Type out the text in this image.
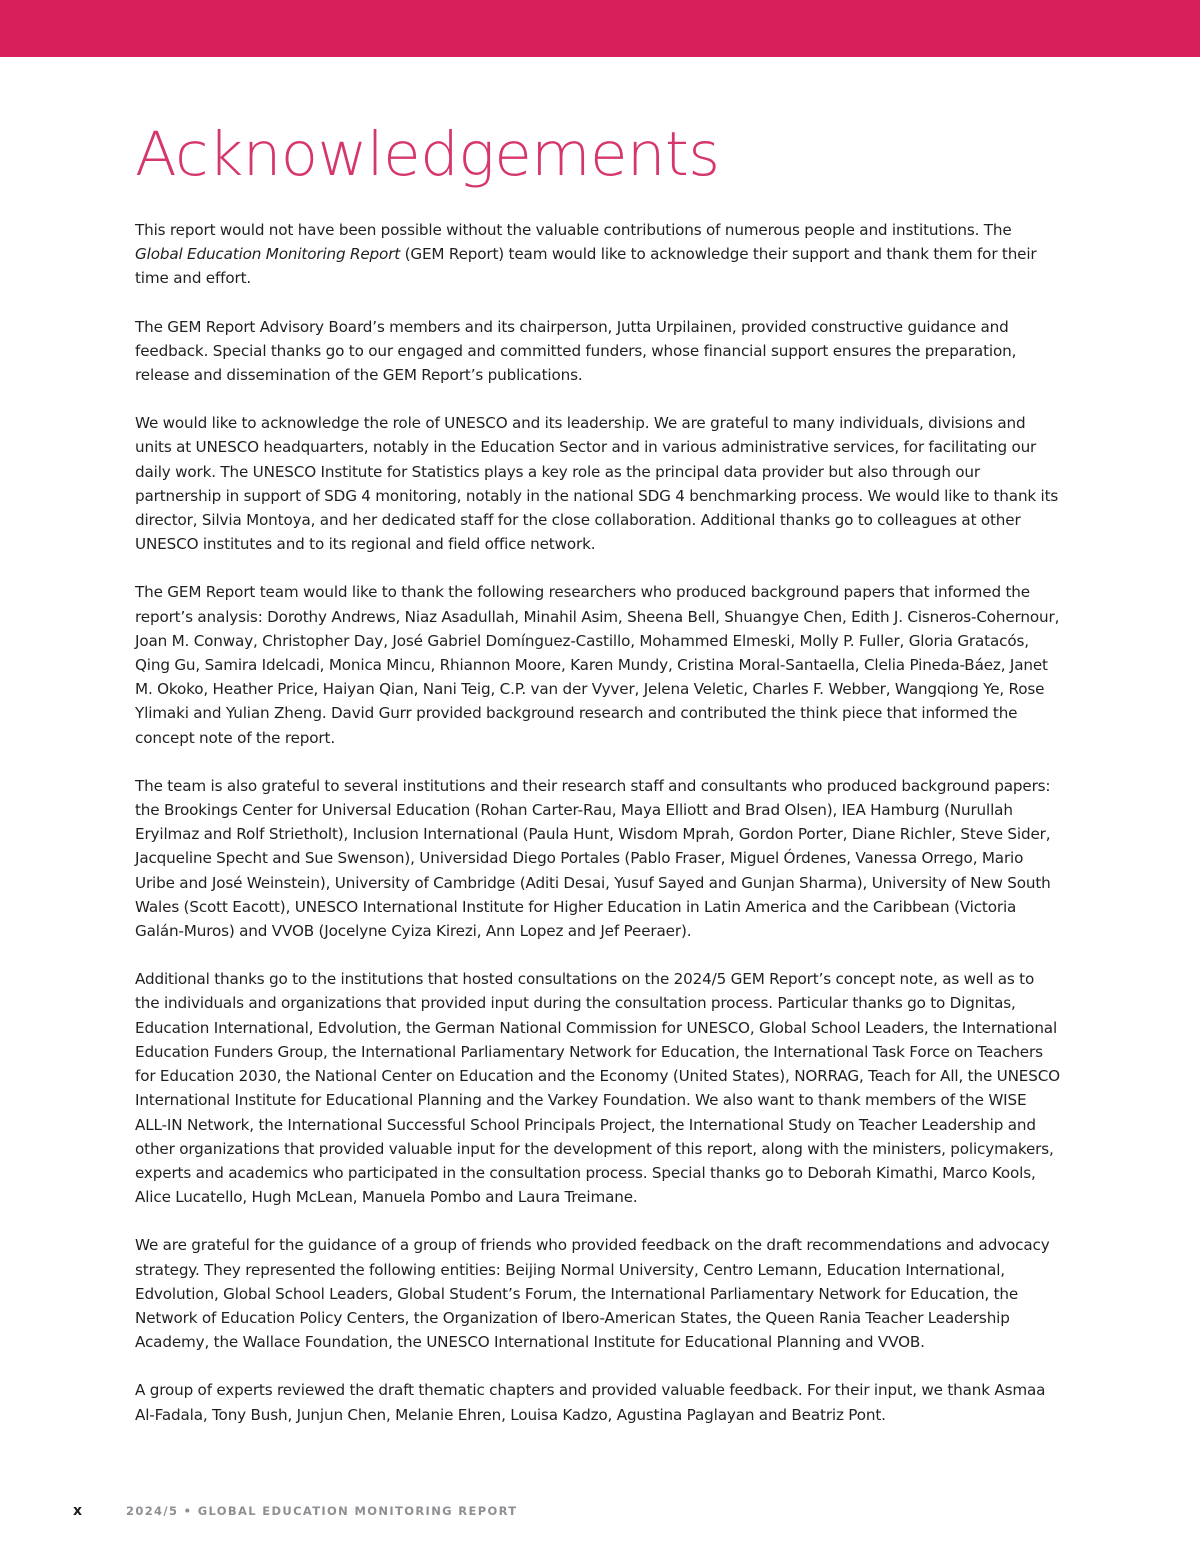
Acknowledgements

This report would not have been possible without the valuable contributions of numerous people and institutions. The Global Education Monitoring Report (GEM Report) team would like to acknowledge their support and thank them for their time and effort.

The GEM Report Advisory Board’s members and its chairperson, Jutta Urpilainen, provided constructive guidance and feedback. Special thanks go to our engaged and committed funders, whose financial support ensures the preparation, release and dissemination of the GEM Report’s publications.

We would like to acknowledge the role of UNESCO and its leadership. We are grateful to many individuals, divisions and units at UNESCO headquarters, notably in the Education Sector and in various administrative services, for facilitating our daily work. The UNESCO Institute for Statistics plays a key role as the principal data provider but also through our partnership in support of SDG 4 monitoring, notably in the national SDG 4 benchmarking process. We would like to thank its director, Silvia Montoya, and her dedicated staff for the close collaboration. Additional thanks go to colleagues at other UNESCO institutes and to its regional and field office network.

The GEM Report team would like to thank the following researchers who produced background papers that informed the report’s analysis: Dorothy Andrews, Niaz Asadullah, Minahil Asim, Sheena Bell, Shuangye Chen, Edith J. Cisneros-Cohernour, Joan M. Conway, Christopher Day, José Gabriel Domínguez-Castillo, Mohammed Elmeski, Molly P. Fuller, Gloria Gratacós, Qing Gu, Samira Idelcadi, Monica Mincu, Rhiannon Moore, Karen Mundy, Cristina Moral-Santaella, Clelia Pineda-Báez, Janet M. Okoko, Heather Price, Haiyan Qian, Nani Teig, C.P. van der Vyver, Jelena Veletic, Charles F. Webber, Wangqiong Ye, Rose Ylimaki and Yulian Zheng. David Gurr provided background research and contributed the think piece that informed the concept note of the report.

The team is also grateful to several institutions and their research staff and consultants who produced background papers: the Brookings Center for Universal Education (Rohan Carter-Rau, Maya Elliott and Brad Olsen), IEA Hamburg (Nurullah Eryilmaz and Rolf Strietholt), Inclusion International (Paula Hunt, Wisdom Mprah, Gordon Porter, Diane Richler, Steve Sider, Jacqueline Specht and Sue Swenson), Universidad Diego Portales (Pablo Fraser, Miguel Órdenes, Vanessa Orrego, Mario Uribe and José Weinstein), University of Cambridge (Aditi Desai, Yusuf Sayed and Gunjan Sharma), University of New South Wales (Scott Eacott), UNESCO International Institute for Higher Education in Latin America and the Caribbean (Victoria Galán-Muros) and VVOB (Jocelyne Cyiza Kirezi, Ann Lopez and Jef Peeraer).

Additional thanks go to the institutions that hosted consultations on the 2024/5 GEM Report’s concept note, as well as to the individuals and organizations that provided input during the consultation process. Particular thanks go to Dignitas, Education International, Edvolution, the German National Commission for UNESCO, Global School Leaders, the International Education Funders Group, the International Parliamentary Network for Education, the International Task Force on Teachers for Education 2030, the National Center on Education and the Economy (United States), NORRAG, Teach for All, the UNESCO International Institute for Educational Planning and the Varkey Foundation. We also want to thank members of the WISE ALL-IN Network, the International Successful School Principals Project, the International Study on Teacher Leadership and other organizations that provided valuable input for the development of this report, along with the ministers, policymakers, experts and academics who participated in the consultation process. Special thanks go to Deborah Kimathi, Marco Kools, Alice Lucatello, Hugh McLean, Manuela Pombo and Laura Treimane.

We are grateful for the guidance of a group of friends who provided feedback on the draft recommendations and advocacy strategy. They represented the following entities: Beijing Normal University, Centro Lemann, Education International, Edvolution, Global School Leaders, Global Student’s Forum, the International Parliamentary Network for Education, the Network of Education Policy Centers, the Organization of Ibero-American States, the Queen Rania Teacher Leadership Academy, the Wallace Foundation, the UNESCO International Institute for Educational Planning and VVOB.

A group of experts reviewed the draft thematic chapters and provided valuable feedback. For their input, we thank Asmaa Al-Fadala, Tony Bush, Junjun Chen, Melanie Ehren, Louisa Kadzo, Agustina Paglayan and Beatriz Pont.

x	2024/5 • GLOBAL EDUCATION MONITORING REPORT
